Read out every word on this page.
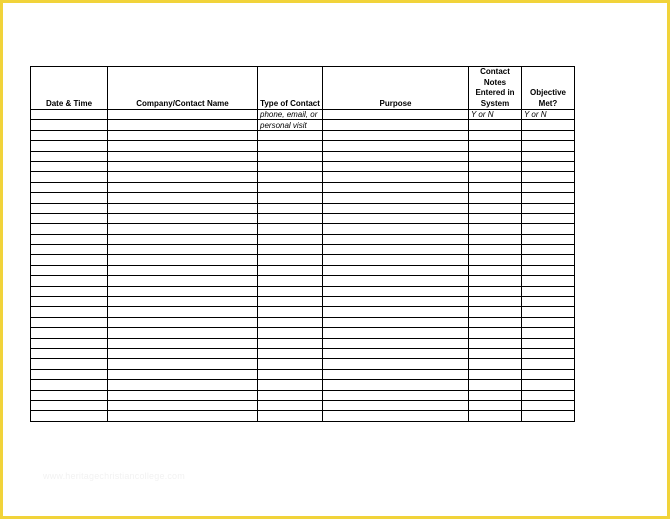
Date & Time	Company/Contact Name	Type of Contact	Purpose	Contact Notes Entered in System	Objective Met?
		phone, email, or		Y or N	Y or N
		personal visit			

www.heritagechristiancollege.com
